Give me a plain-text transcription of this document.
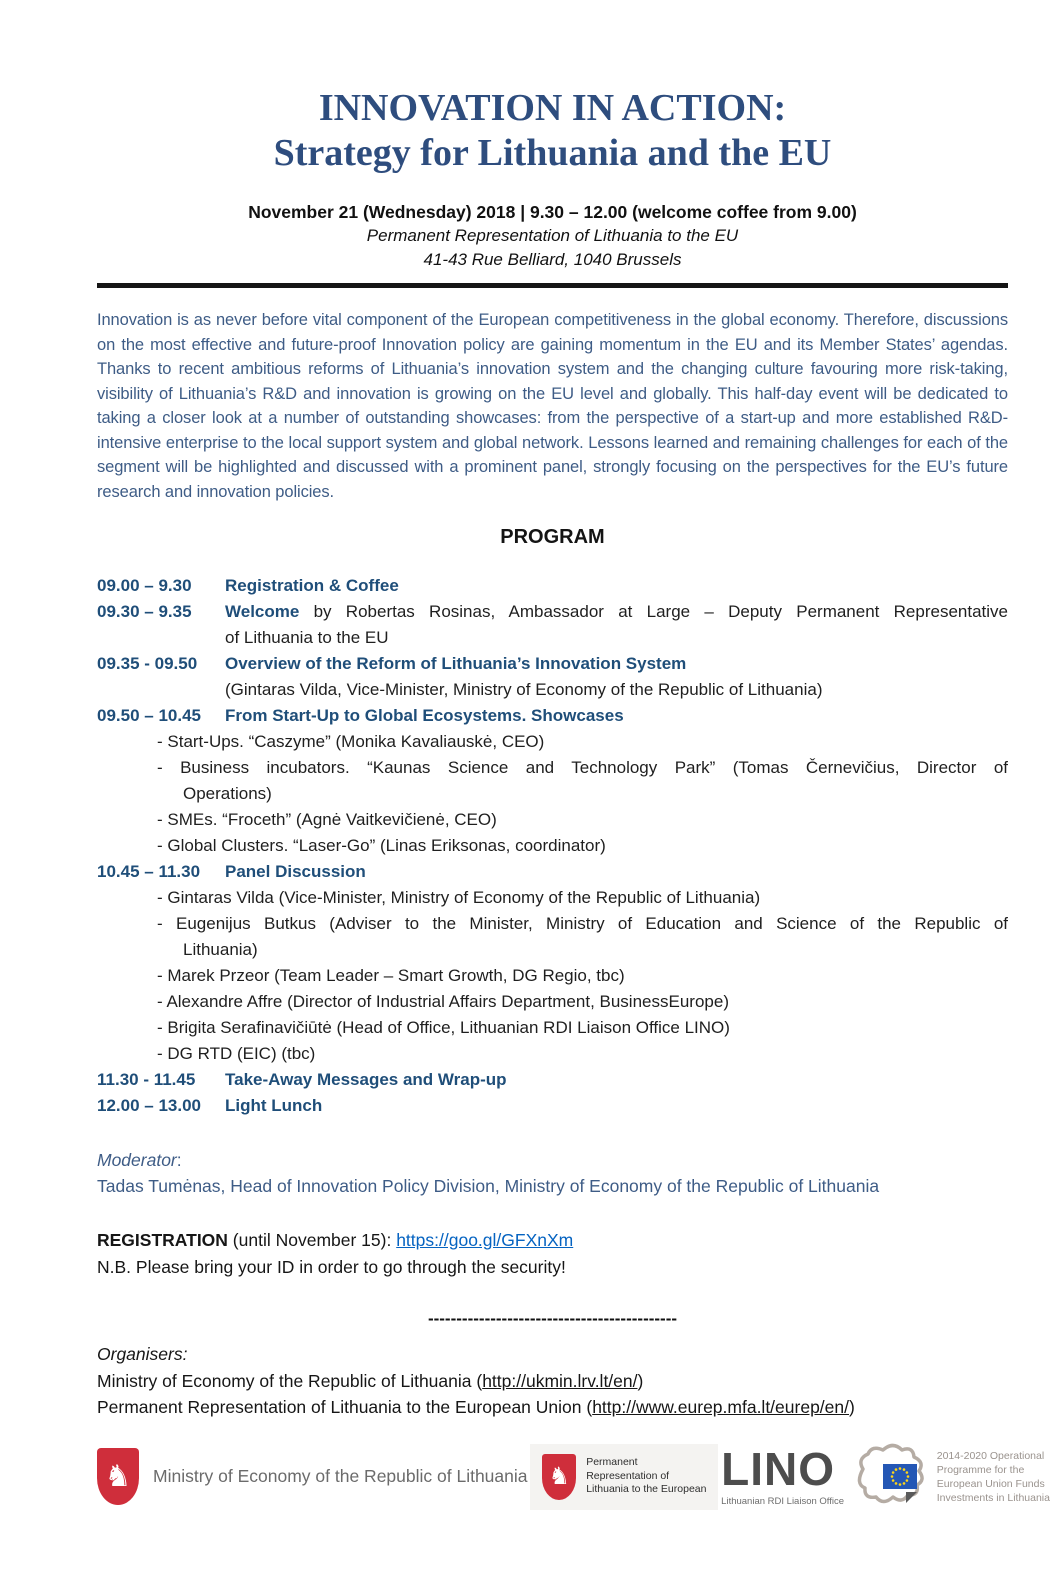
INNOVATION IN ACTION:
Strategy for Lithuania and the EU
November 21 (Wednesday) 2018 | 9.30 – 12.00 (welcome coffee from 9.00)
Permanent Representation of Lithuania to the EU
41-43 Rue Belliard, 1040 Brussels

Innovation is as never before vital component of the European competitiveness in the global economy. Therefore, discussions on the most effective and future-proof Innovation policy are gaining momentum in the EU and its Member States’ agendas. Thanks to recent ambitious reforms of Lithuania’s innovation system and the changing culture favouring more risk-taking, visibility of Lithuania’s R&D and innovation is growing on the EU level and globally. This half-day event will be dedicated to taking a closer look at a number of outstanding showcases: from the perspective of a start-up and more established R&D-intensive enterprise to the local support system and global network. Lessons learned and remaining challenges for each of the segment will be highlighted and discussed with a prominent panel, strongly focusing on the perspectives for the EU’s future research and innovation policies.

PROGRAM
09.00 – 9.30 Registration & Coffee
09.30 – 9.35 Welcome by Robertas Rosinas, Ambassador at Large – Deputy Permanent Representative
of Lithuania to the EU
09.35 - 09.50 Overview of the Reform of Lithuania’s Innovation System
(Gintaras Vilda, Vice-Minister, Ministry of Economy of the Republic of Lithuania)
09.50 – 10.45 From Start-Up to Global Ecosystems. Showcases
- Start-Ups. “Caszyme” (Monika Kavaliauskė, CEO)
- Business incubators. “Kaunas Science and Technology Park” (Tomas Černevičius, Director of
Operations)
- SMEs. “Froceth” (Agnė Vaitkevičienė, CEO)
- Global Clusters. “Laser-Go” (Linas Eriksonas, coordinator)
10.45 – 11.30 Panel Discussion
- Gintaras Vilda (Vice-Minister, Ministry of Economy of the Republic of Lithuania)
- Eugenijus Butkus (Adviser to the Minister, Ministry of Education and Science of the Republic of
Lithuania)
- Marek Przeor (Team Leader – Smart Growth, DG Regio, tbc)
- Alexandre Affre (Director of Industrial Affairs Department, BusinessEurope)
- Brigita Serafinavičiūtė (Head of Office, Lithuanian RDI Liaison Office LINO)
- DG RTD (EIC) (tbc)
11.30 - 11.45 Take-Away Messages and Wrap-up
12.00 – 13.00 Light Lunch
Moderator:
Tadas Tumėnas, Head of Innovation Policy Division, Ministry of Economy of the Republic of Lithuania
REGISTRATION (until November 15): https://goo.gl/GFXnXm
N.B. Please bring your ID in order to go through the security!
--------------------------------------------
Organisers:
Ministry of Economy of the Republic of Lithuania (http://ukmin.lrv.lt/en/)
Permanent Representation of Lithuania to the European Union (http://www.eurep.mfa.lt/eurep/en/)
♞ Ministry of Economy of the Republic of Lithuania ♞
Permanent
Representation of
Lithuania to the European LINO
Lithuanian RDI Liaison Office
2014-2020 Operational
Programme for the
European Union Funds
Investments in Lithuania
